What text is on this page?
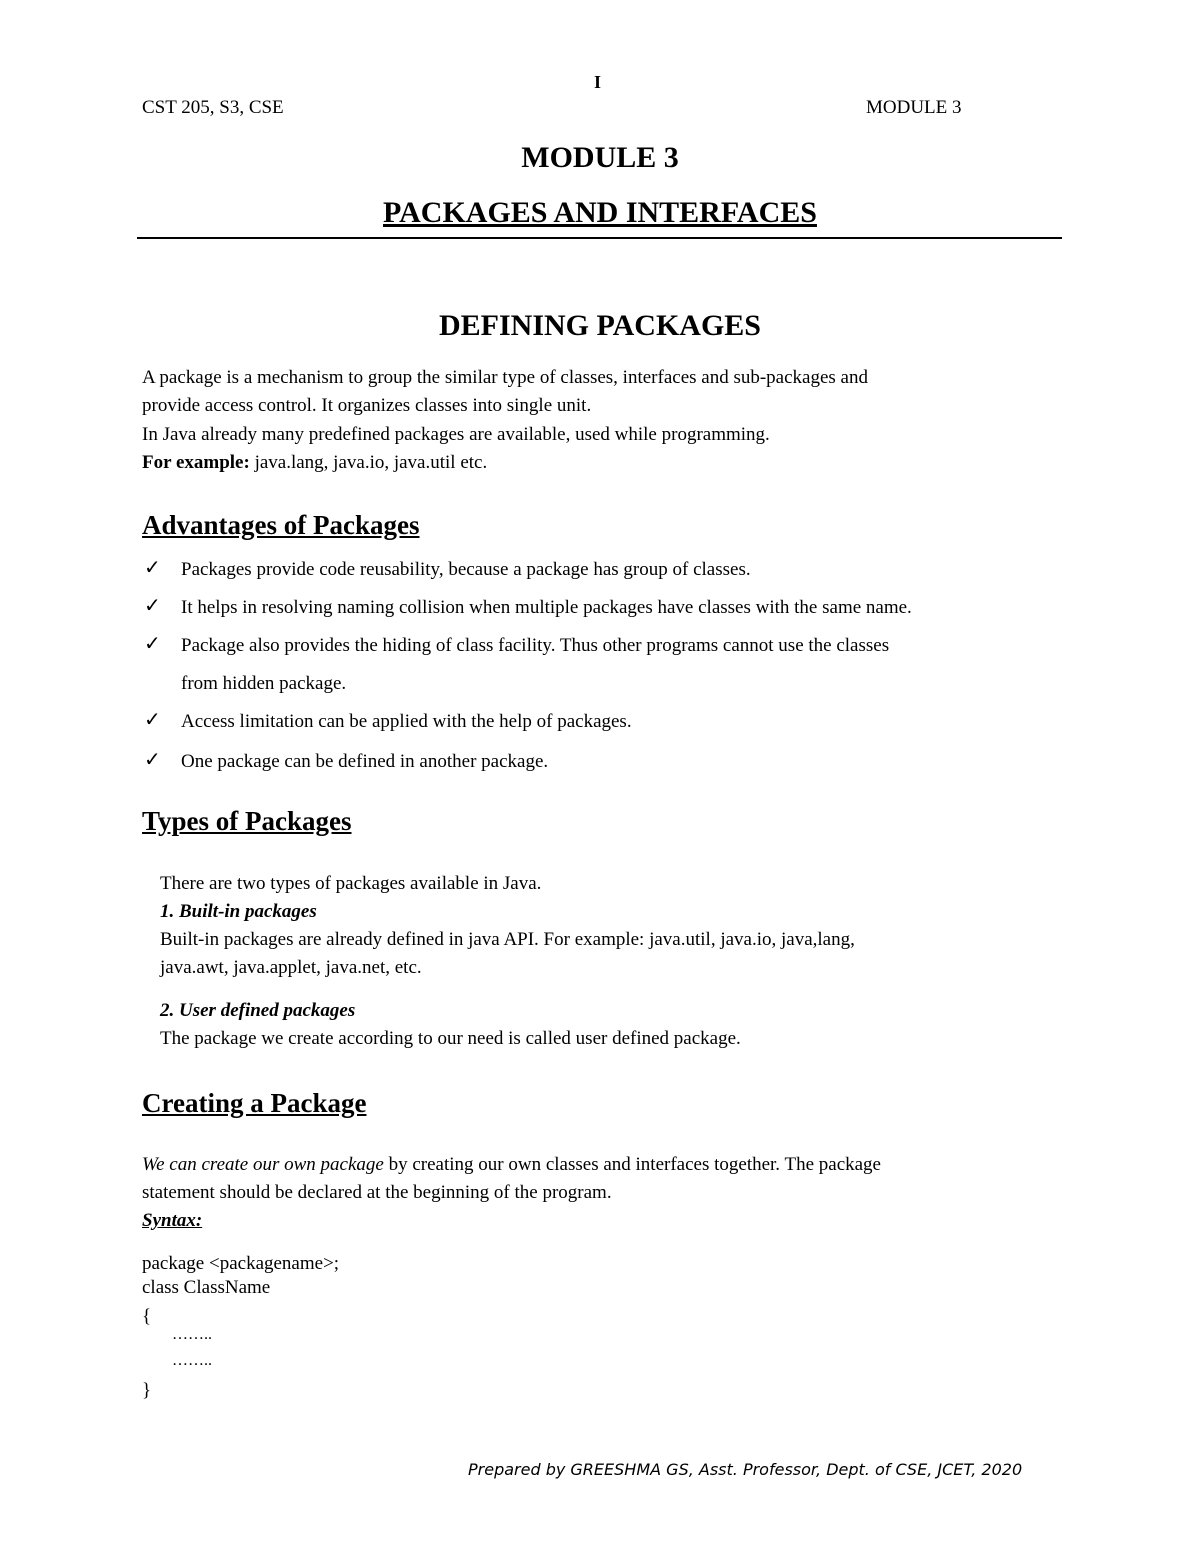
I
CST 205, S3, CSE	MODULE 3
MODULE 3
PACKAGES AND INTERFACES
DEFINING PACKAGES
A package is a mechanism to group the similar type of classes, interfaces and sub-packages and
provide access control. It organizes classes into single unit.
In Java already many predefined packages are available, used while programming.
For example: java.lang, java.io, java.util etc.
Advantages of Packages
✓ Packages provide code reusability, because a package has group of classes.
✓ It helps in resolving naming collision when multiple packages have classes with the same name.
✓ Package also provides the hiding of class facility. Thus other programs cannot use the classes
from hidden package.
✓ Access limitation can be applied with the help of packages.
✓ One package can be defined in another package.
Types of Packages
There are two types of packages available in Java.
1. Built-in packages
Built-in packages are already defined in java API. For example: java.util, java.io, java,lang,
java.awt, java.applet, java.net, etc.
2. User defined packages
The package we create according to our need is called user defined package.
Creating a Package
We can create our own package by creating our own classes and interfaces together. The package
statement should be declared at the beginning of the program.
Syntax:
package <packagename>;
class ClassName
{
……..
……..
}
Prepared by GREESHMA GS, Asst. Professor, Dept. of CSE, JCET, 2020
